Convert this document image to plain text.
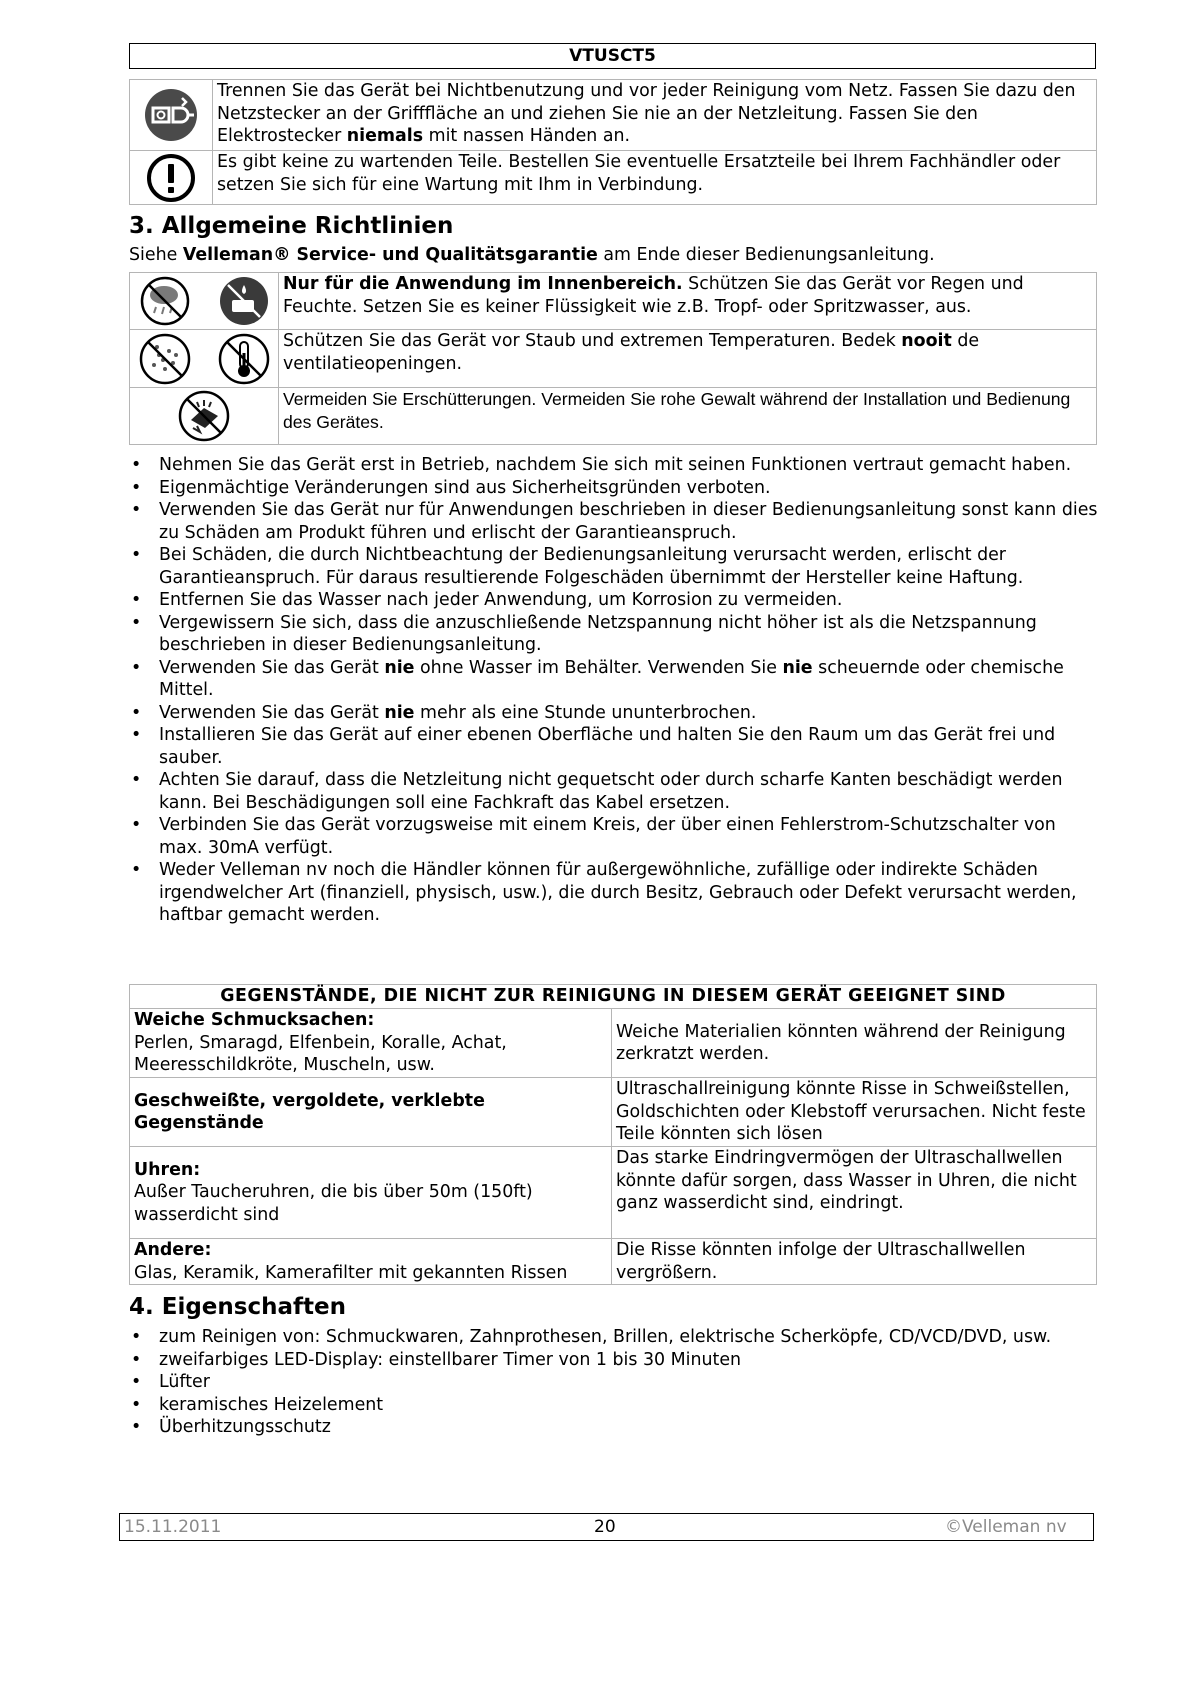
VTUSCT5
	Trennen Sie das Gerät bei Nichtbenutzung und vor jeder Reinigung vom Netz. Fassen Sie dazu den Netzstecker an der Grifffläche an und ziehen Sie nie an der Netzleitung. Fassen Sie den Elektrostecker niemals mit nassen Händen an.

	Es gibt keine zu wartenden Teile. Bestellen Sie eventuelle Ersatzteile bei Ihrem Fachhändler oder setzen Sie sich für eine Wartung mit Ihm in Verbindung.
3. Allgemeine Richtlinien
Siehe Velleman® Service- und Qualitätsgarantie am Ende dieser Bedienungsanleitung.
	Nur für die Anwendung im Innenbereich. Schützen Sie das Gerät vor Regen und Feuchte. Setzen Sie es keiner Flüssigkeit wie z.B. Tropf- oder Spritzwasser, aus.

	Schützen Sie das Gerät vor Staub und extremen Temperaturen. Bedek nooit de ventilatieopeningen.

	Vermeiden Sie Erschütterungen. Vermeiden Sie rohe Gewalt während der Installation und Bedienung des Gerätes.
• Nehmen Sie das Gerät erst in Betrieb, nachdem Sie sich mit seinen Funktionen vertraut gemacht haben.
• Eigenmächtige Veränderungen sind aus Sicherheitsgründen verboten.
• Verwenden Sie das Gerät nur für Anwendungen beschrieben in dieser Bedienungsanleitung sonst kann dies zu Schäden am Produkt führen und erlischt der Garantieanspruch.
• Bei Schäden, die durch Nichtbeachtung der Bedienungsanleitung verursacht werden, erlischt der Garantieanspruch. Für daraus resultierende Folgeschäden übernimmt der Hersteller keine Haftung.
• Entfernen Sie das Wasser nach jeder Anwendung, um Korrosion zu vermeiden.
• Vergewissern Sie sich, dass die anzuschließende Netzspannung nicht höher ist als die Netzspannung beschrieben in dieser Bedienungsanleitung.
• Verwenden Sie das Gerät nie ohne Wasser im Behälter. Verwenden Sie nie scheuernde oder chemische Mittel.
• Verwenden Sie das Gerät nie mehr als eine Stunde ununterbrochen.
• Installieren Sie das Gerät auf einer ebenen Oberfläche und halten Sie den Raum um das Gerät frei und sauber.
• Achten Sie darauf, dass die Netzleitung nicht gequetscht oder durch scharfe Kanten beschädigt werden kann. Bei Beschädigungen soll eine Fachkraft das Kabel ersetzen.
• Verbinden Sie das Gerät vorzugsweise mit einem Kreis, der über einen Fehlerstrom-Schutzschalter von max. 30mA verfügt.
• Weder Velleman nv noch die Händler können für außergewöhnliche, zufällige oder indirekte Schäden irgendwelcher Art (finanziell, physisch, usw.), die durch Besitz, Gebrauch oder Defekt verursacht werden, haftbar gemacht werden.
GEGENSTÄNDE, DIE NICHT ZUR REINIGUNG IN DIESEM GERÄT GEEIGNET SIND	
Weiche Schmucksachen:
Perlen, Smaragd, Elfenbein, Koralle, Achat, Meeresschildkröte, Muscheln, usw.	Weiche Materialien könnten während der Reinigung zerkratzt werden.
Geschweißte, vergoldete, verklebte Gegenstände	Ultraschallreinigung könnte Risse in Schweißstellen, Goldschichten oder Klebstoff verursachen. Nicht feste Teile könnten sich lösen
Uhren:
Außer Taucheruhren, die bis über 50m (150ft) wasserdicht sind	Das starke Eindringvermögen der Ultraschallwellen könnte dafür sorgen, dass Wasser in Uhren, die nicht ganz wasserdicht sind, eindringt.
Andere:
Glas, Keramik, Kamerafilter mit gekannten Rissen	Die Risse könnten infolge der Ultraschallwellen vergrößern.
4. Eigenschaften
• zum Reinigen von: Schmuckwaren, Zahnprothesen, Brillen, elektrische Scherköpfe, CD/VCD/DVD, usw.
• zweifarbiges LED-Display: einstellbarer Timer von 1 bis 30 Minuten
• Lüfter
• keramisches Heizelement
• Überhitzungsschutz
15.11.2011	20	©Velleman nv
